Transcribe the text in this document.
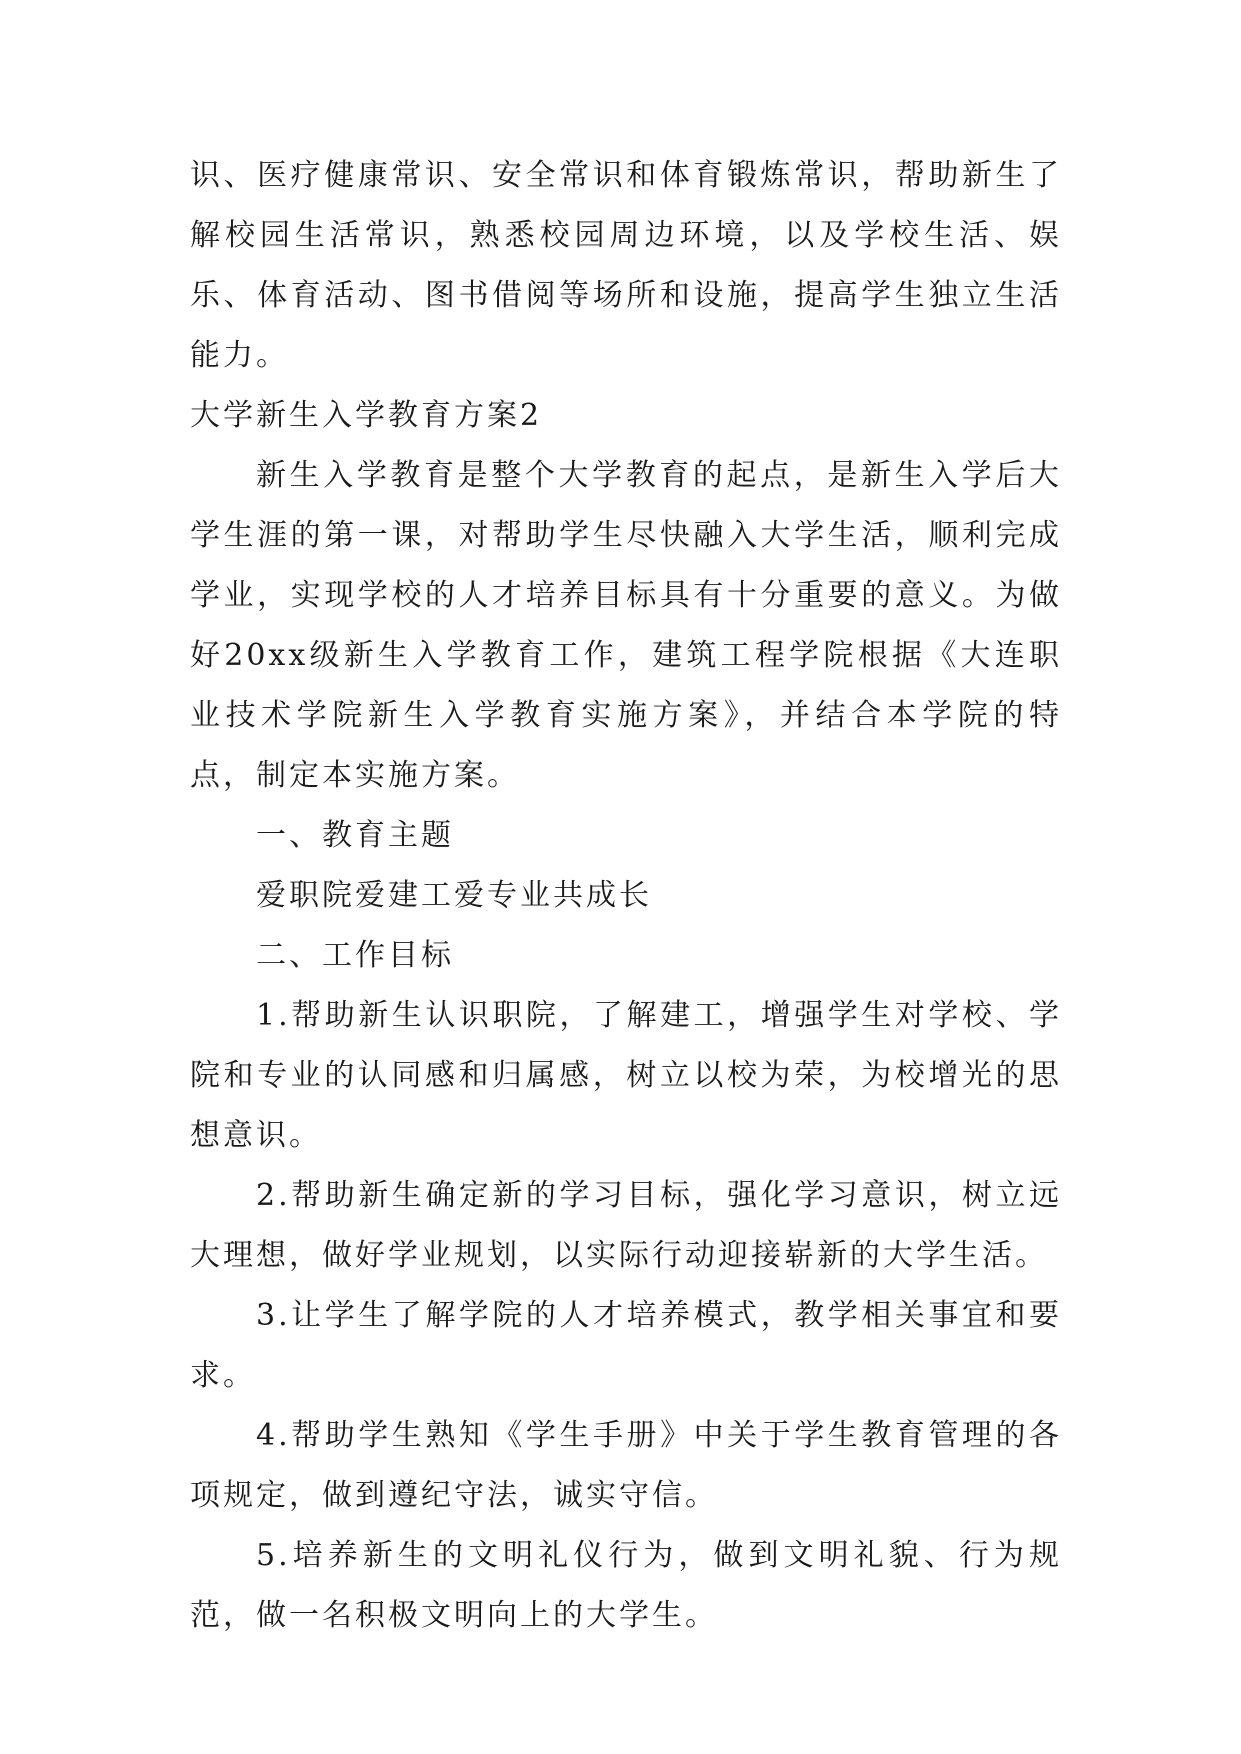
识、医疗健康常识、安全常识和体育锻炼常识，帮助新生了解校园生活常识，熟悉校园周边环境，以及学校生活、娱乐、体育活动、图书借阅等场所和设施，提高学生独立生活能力。

大学新生入学教育方案2

新生入学教育是整个大学教育的起点，是新生入学后大学生涯的第一课，对帮助学生尽快融入大学生活，顺利完成学业，实现学校的人才培养目标具有十分重要的意义。为做好20xx级新生入学教育工作，建筑工程学院根据《大连职业技术学院新生入学教育实施方案》，并结合本学院的特点，制定本实施方案。

一、教育主题

爱职院爱建工爱专业共成长

二、工作目标

1.帮助新生认识职院，了解建工，增强学生对学校、学院和专业的认同感和归属感，树立以校为荣，为校增光的思想意识。

2.帮助新生确定新的学习目标，强化学习意识，树立远大理想，做好学业规划，以实际行动迎接崭新的大学生活。

3.让学生了解学院的人才培养模式，教学相关事宜和要求。

4.帮助学生熟知《学生手册》中关于学生教育管理的各项规定，做到遵纪守法，诚实守信。

5.培养新生的文明礼仪行为，做到文明礼貌、行为规范，做一名积极文明向上的大学生。
